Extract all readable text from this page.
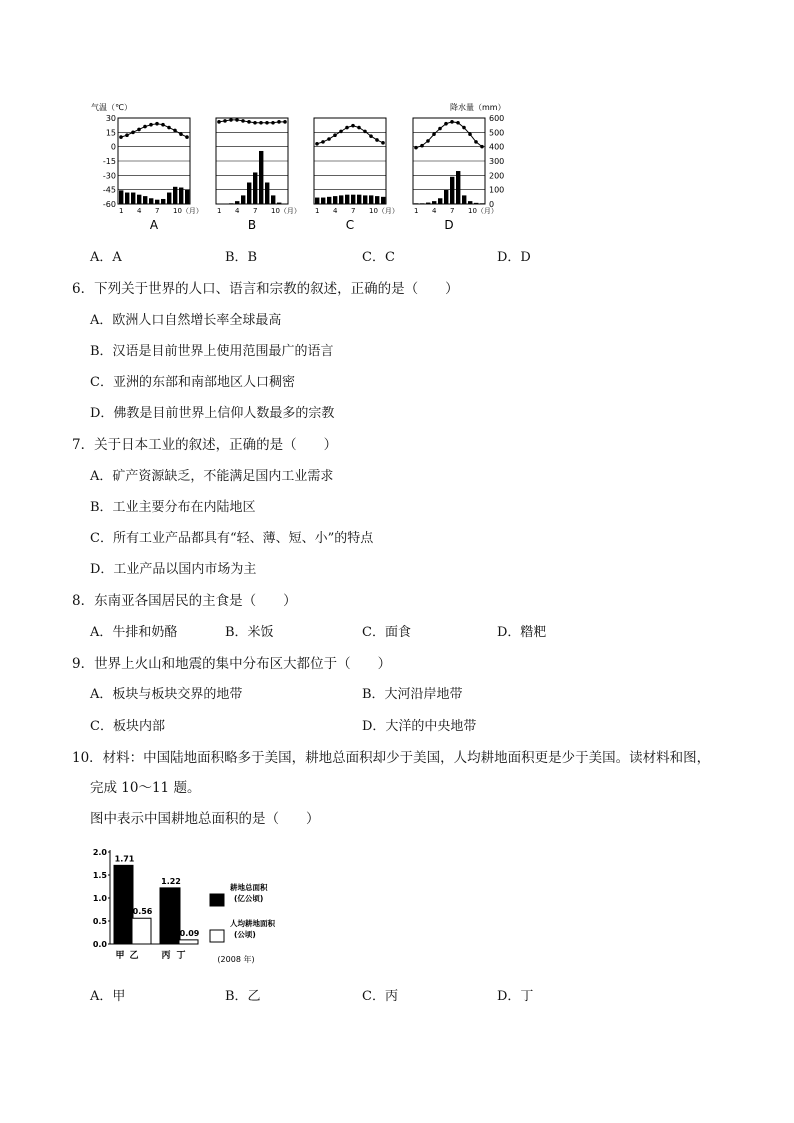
气温（℃）	降水量（mm）
30
15
0
-15
-30
-45
-60
600
500
400
300
200
100
0
1 4 7 10（月）
A
1 4 7 10（月）
B
1 4 7 10（月）
C
1 4 7 10（月）
D
A．A	B．B	C．C	D．D
6．下列关于世界的人口、语言和宗教的叙述，正确的是（　　）
A．欧洲人口自然增长率全球最高
B．汉语是目前世界上使用范围最广的语言
C．亚洲的东部和南部地区人口稠密
D．佛教是目前世界上信仰人数最多的宗教
7．关于日本工业的叙述，正确的是（　　）
A．矿产资源缺乏，不能满足国内工业需求
B．工业主要分布在内陆地区
C．所有工业产品都具有“轻、薄、短、小”的特点
D．工业产品以国内市场为主
8．东南亚各国居民的主食是（　　）
A．牛排和奶酪	B．米饭	C．面食	D．糌粑
9．世界上火山和地震的集中分布区大都位于（　　）
A．板块与板块交界的地带	B．大河沿岸地带
C．板块内部	D．大洋的中央地带
10．材料：中国陆地面积略多于美国，耕地总面积却少于美国，人均耕地面积更是少于美国。读材料和图，
完成 10～11 题。
图中表示中国耕地总面积的是（　　）
2.0
1.5
1.0
0.5
0.0
1.71
0.56
1.22
0.09
甲 乙	丙 丁
耕地总面积
(亿公顷)
人均耕地面积
(公顷)
(2008 年)
A．甲	B．乙	C．丙	D．丁
